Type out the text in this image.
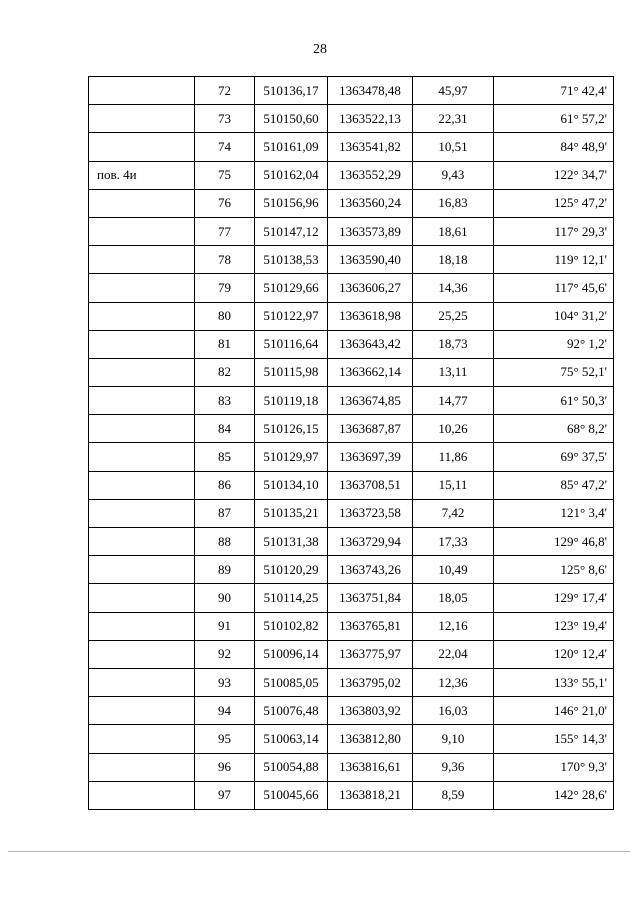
28
	72	510136,17	1363478,48	45,97	71° 42,4'
	73	510150,60	1363522,13	22,31	61° 57,2'
	74	510161,09	1363541,82	10,51	84° 48,9'
пов. 4и	75	510162,04	1363552,29	9,43	122° 34,7'
	76	510156,96	1363560,24	16,83	125° 47,2'
	77	510147,12	1363573,89	18,61	117° 29,3'
	78	510138,53	1363590,40	18,18	119° 12,1'
	79	510129,66	1363606,27	14,36	117° 45,6'
	80	510122,97	1363618,98	25,25	104° 31,2'
	81	510116,64	1363643,42	18,73	92° 1,2'
	82	510115,98	1363662,14	13,11	75° 52,1'
	83	510119,18	1363674,85	14,77	61° 50,3'
	84	510126,15	1363687,87	10,26	68° 8,2'
	85	510129,97	1363697,39	11,86	69° 37,5'
	86	510134,10	1363708,51	15,11	85° 47,2'
	87	510135,21	1363723,58	7,42	121° 3,4'
	88	510131,38	1363729,94	17,33	129° 46,8'
	89	510120,29	1363743,26	10,49	125° 8,6'
	90	510114,25	1363751,84	18,05	129° 17,4'
	91	510102,82	1363765,81	12,16	123° 19,4'
	92	510096,14	1363775,97	22,04	120° 12,4'
	93	510085,05	1363795,02	12,36	133° 55,1'
	94	510076,48	1363803,92	16,03	146° 21,0'
	95	510063,14	1363812,80	9,10	155° 14,3'
	96	510054,88	1363816,61	9,36	170° 9,3'
	97	510045,66	1363818,21	8,59	142° 28,6'
